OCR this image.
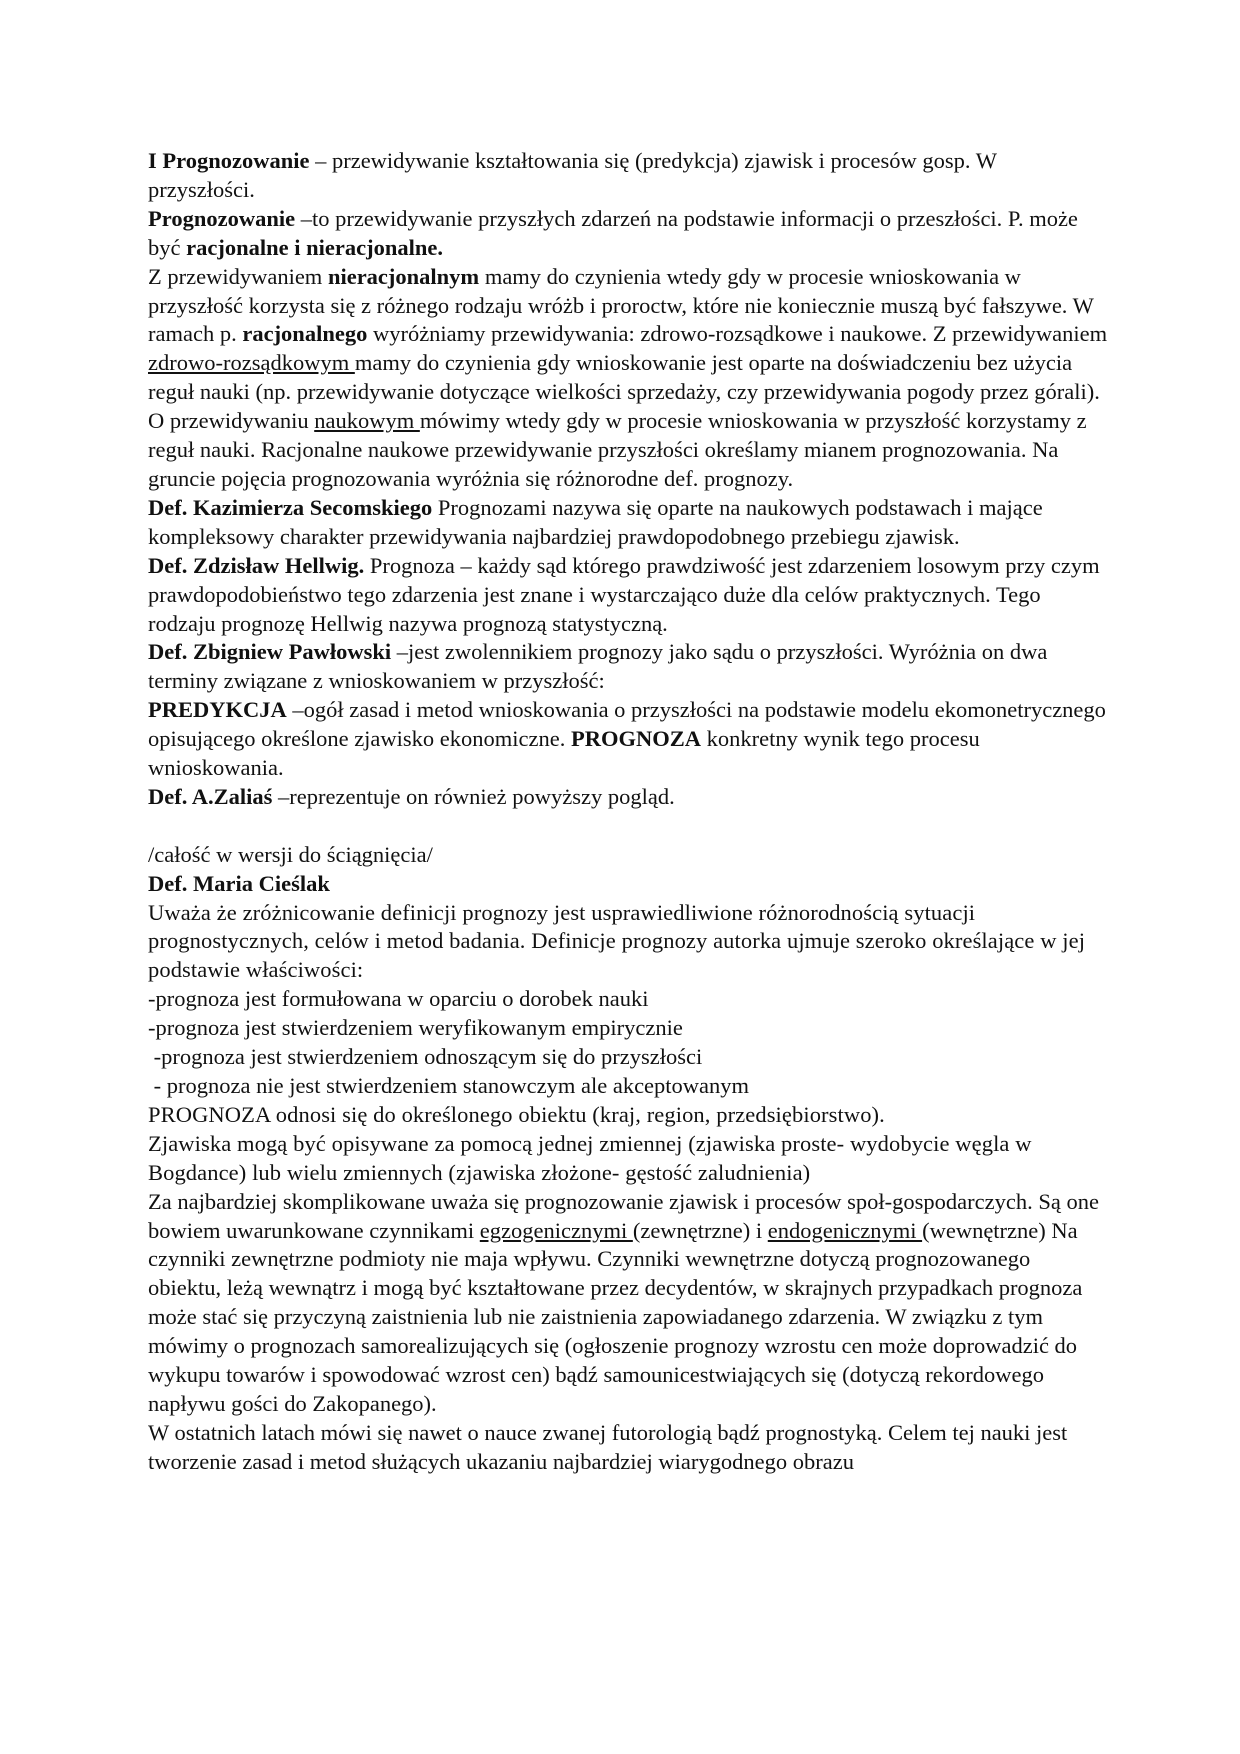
I Prognozowanie – przewidywanie kształtowania się (predykcja) zjawisk i procesów gosp. W przyszłości.

Prognozowanie –to przewidywanie przyszłych zdarzeń na podstawie informacji o przeszłości. P. może być racjonalne i nieracjonalne.

Z przewidywaniem nieracjonalnym mamy do czynienia wtedy gdy w procesie wnioskowania w przyszłość korzysta się z różnego rodzaju wróżb i proroctw, które nie koniecznie muszą być fałszywe. W ramach p. racjonalnego wyróżniamy przewidywania: zdrowo-rozsądkowe i naukowe. Z przewidywaniem zdrowo-rozsądkowym mamy do czynienia gdy wnioskowanie jest oparte na doświadczeniu bez użycia reguł nauki (np. przewidywanie dotyczące wielkości sprzedaży, czy przewidywania pogody przez górali). O przewidywaniu naukowym mówimy wtedy gdy w procesie wnioskowania w przyszłość korzystamy z reguł nauki. Racjonalne naukowe przewidywanie przyszłości określamy mianem prognozowania. Na gruncie pojęcia prognozowania wyróżnia się różnorodne def. prognozy.

Def. Kazimierza Secomskiego Prognozami nazywa się oparte na naukowych podstawach i mające kompleksowy charakter przewidywania najbardziej prawdopodobnego przebiegu zjawisk.

Def. Zdzisław Hellwig. Prognoza – każdy sąd którego prawdziwość jest zdarzeniem losowym przy czym prawdopodobieństwo tego zdarzenia jest znane i wystarczająco duże dla celów praktycznych. Tego rodzaju prognozę Hellwig nazywa prognozą statystyczną.

Def. Zbigniew Pawłowski –jest zwolennikiem prognozy jako sądu o przyszłości. Wyróżnia on dwa terminy związane z wnioskowaniem w przyszłość:

PREDYKCJA –ogół zasad i metod wnioskowania o przyszłości na podstawie modelu ekomonetrycznego opisującego określone zjawisko ekonomiczne. PROGNOZA konkretny wynik tego procesu wnioskowania.

Def. A.Zaliaś –reprezentuje on również powyższy pogląd.

/całość w wersji do ściągnięcia/

Def. Maria Cieślak

Uważa że zróżnicowanie definicji prognozy jest usprawiedliwione różnorodnością sytuacji prognostycznych, celów i metod badania. Definicje prognozy autorka ujmuje szeroko określające w jej podstawie właściwości:

-prognoza jest formułowana w oparciu o dorobek nauki

-prognoza jest stwierdzeniem weryfikowanym empirycznie

-prognoza jest stwierdzeniem odnoszącym się do przyszłości

- prognoza nie jest stwierdzeniem stanowczym ale akceptowanym

PROGNOZA odnosi się do określonego obiektu (kraj, region, przedsiębiorstwo).

Zjawiska mogą być opisywane za pomocą jednej zmiennej (zjawiska proste- wydobycie węgla w Bogdance) lub wielu zmiennych (zjawiska złożone- gęstość zaludnienia)

Za najbardziej skomplikowane uważa się prognozowanie zjawisk i procesów społ-gospodarczych. Są one bowiem uwarunkowane czynnikami egzogenicznymi (zewnętrzne) i endogenicznymi (wewnętrzne) Na czynniki zewnętrzne podmioty nie maja wpływu. Czynniki wewnętrzne dotyczą prognozowanego obiektu, leżą wewnątrz i mogą być kształtowane przez decydentów, w skrajnych przypadkach prognoza może stać się przyczyną zaistnienia lub nie zaistnienia zapowiadanego zdarzenia. W związku z tym mówimy o prognozach samorealizujących się (ogłoszenie prognozy wzrostu cen może doprowadzić do wykupu towarów i spowodować wzrost cen) bądź samounicestwiających się (dotyczą rekordowego napływu gości do Zakopanego).

W ostatnich latach mówi się nawet o nauce zwanej futorologią bądź prognostyką. Celem tej nauki jest tworzenie zasad i metod służących ukazaniu najbardziej wiarygodnego obrazu
